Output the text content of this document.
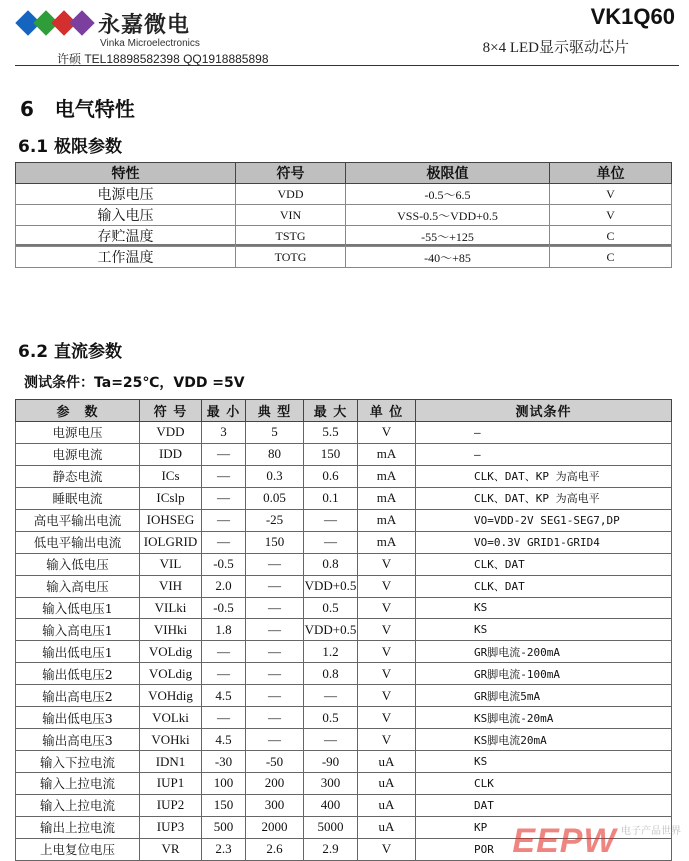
永嘉微电
Vinka Microelectronics
许硕 TEL18898582398 QQ1918885898
VK1Q60
8×4 LED显示驱动芯片
6   电气特性
6.1 极限参数
特性	符号	极限值	单位
电源电压	VDD	-0.5～6.5	V
输入电压	VIN	VSS-0.5～VDD+0.5	V
存贮温度	TSTG	-55～+125	C
工作温度	TOTG	-40～+85	C
6.2 直流参数
测试条件：Ta=25℃，VDD =5V
参　数	符 号	最 小	典 型	最 大	单 位	测试条件
电源电压	VDD	3	5	5.5	V	—
电源电流	IDD	—	80	150	mA	—
静态电流	ICs	—	0.3	0.6	mA	CLK、DAT、KP 为高电平
睡眠电流	ICslp	—	0.05	0.1	mA	CLK、DAT、KP 为高电平
高电平输出电流	IOHSEG	—	-25	—	mA	VO=VDD-2V SEG1-SEG7,DP
低电平输出电流	IOLGRID	—	150	—	mA	VO=0.3V GRID1-GRID4
输入低电压	VIL	-0.5	—	0.8	V	CLK、DAT
输入高电压	VIH	2.0	—	VDD+0.5	V	CLK、DAT
输入低电压1	VILki	-0.5	—	0.5	V	KS
输入高电压1	VIHki	1.8	—	VDD+0.5	V	KS
输出低电压1	VOLdig	—	—	1.2	V	GR脚电流-200mA
输出低电压2	VOLdig	—	—	0.8	V	GR脚电流-100mA
输出高电压2	VOHdig	4.5	—	—	V	GR脚电流5mA
输出低电压3	VOLki	—	—	0.5	V	KS脚电流-20mA
输出高电压3	VOHki	4.5	—	—	V	KS脚电流20mA
输入下拉电流	IDN1	-30	-50	-90	uA	KS
输入上拉电流	IUP1	100	200	300	uA	CLK
输入上拉电流	IUP2	150	300	400	uA	DAT
输出上拉电流	IUP3	500	2000	5000	uA	KP
上电复位电压	VR	2.3	2.6	2.9	V	POR EEPW $^{电子产品世界}$
